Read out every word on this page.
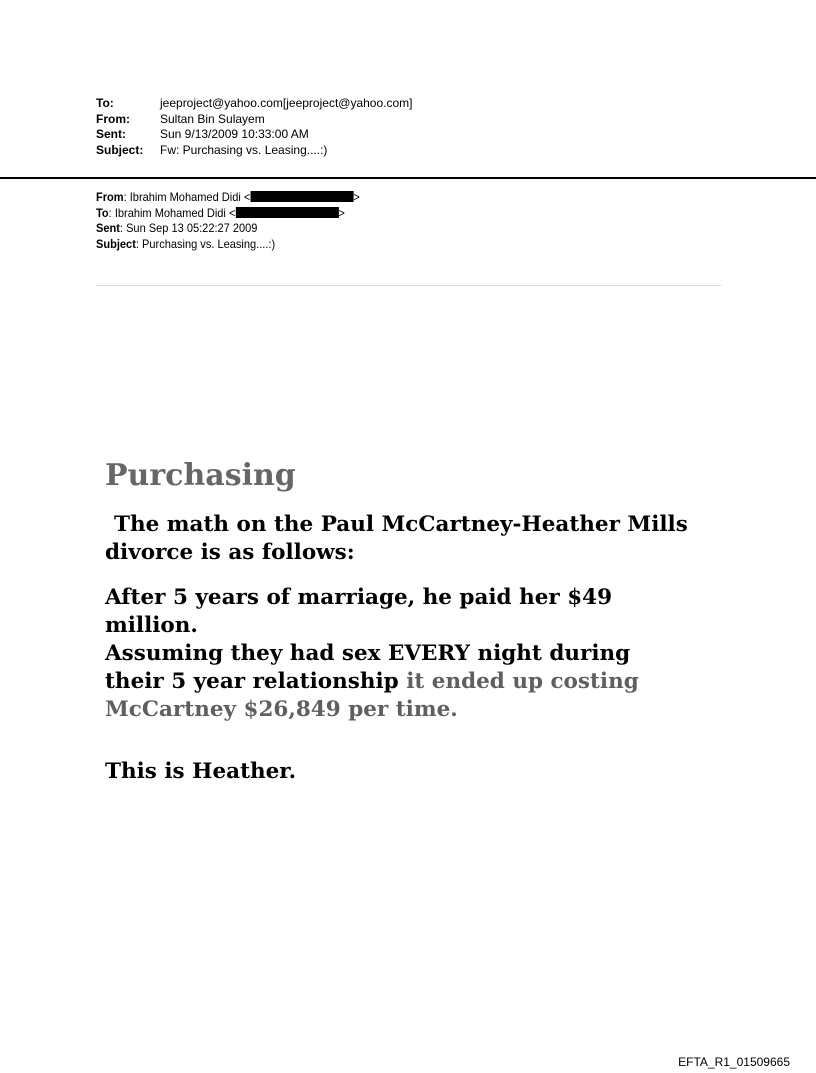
To:	jeeproject@yahoo.com[jeeproject@yahoo.com]
From:	Sultan Bin Sulayem
Sent:	Sun 9/13/2009 10:33:00 AM
Subject:	Fw: Purchasing vs. Leasing....:)
From: Ibrahim Mohamed Didi <	>
To: Ibrahim Mohamed Didi <	>
Sent: Sun Sep 13 05:22:27 2009
Subject: Purchasing vs. Leasing....:)
Purchasing
The math on the Paul McCartney-Heather Mills
divorce is as follows:
After 5 years of marriage, he paid her $49
million.
Assuming they had sex EVERY night during
their 5 year relationship it ended up costing
McCartney $26,849 per time.
This is Heather.
EFTA_R1_01509665
